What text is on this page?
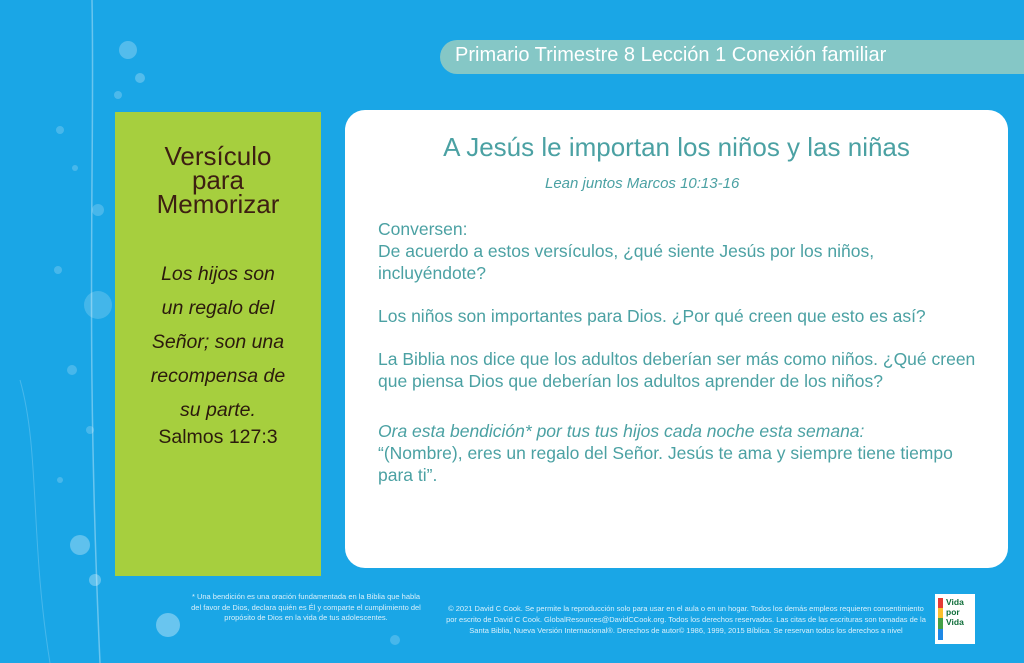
Primario Trimestre 8 Lección 1 Conexión familiar
Versículo
para
Memorizar
Los hijos son
un regalo del
Señor; son una
recompensa de
su parte.
Salmos 127:3
A Jesús le importan los niños y las niñas
Lean juntos Marcos 10:13-16
Conversen:

De acuerdo a estos versículos, ¿qué siente Jesús por los niños, incluyéndote?

Los niños son importantes para Dios. ¿Por qué creen que esto es así?

La Biblia nos dice que los adultos deberían ser más como niños. ¿Qué creen que piensa Dios que deberían los adultos aprender de los niños?

Ora esta bendición* por tus tus hijos cada noche esta semana:
“(Nombre), eres un regalo del Señor. Jesús te ama y siempre tiene tiempo para ti”.
* Una bendición es una oración fundamentada en la Biblia que habla del favor de Dios, declara quién es Él y comparte el cumplimiento del propósito de Dios en la vida de tus adolescentes.
© 2021 David C Cook. Se permite la reproducción solo para usar en el aula o en un hogar. Todos los demás empleos requieren consentimiento por escrito de David C Cook. GlobalResources@DavidCCook.org. Todos los derechos reservados. Las citas de las escrituras son tomadas de la Santa Biblia, Nueva Versión Internacional®. Derechos de autor© 1986, 1999, 2015 Bíblica. Se reservan todos los derechos a nivel
Vida
por
Vida
